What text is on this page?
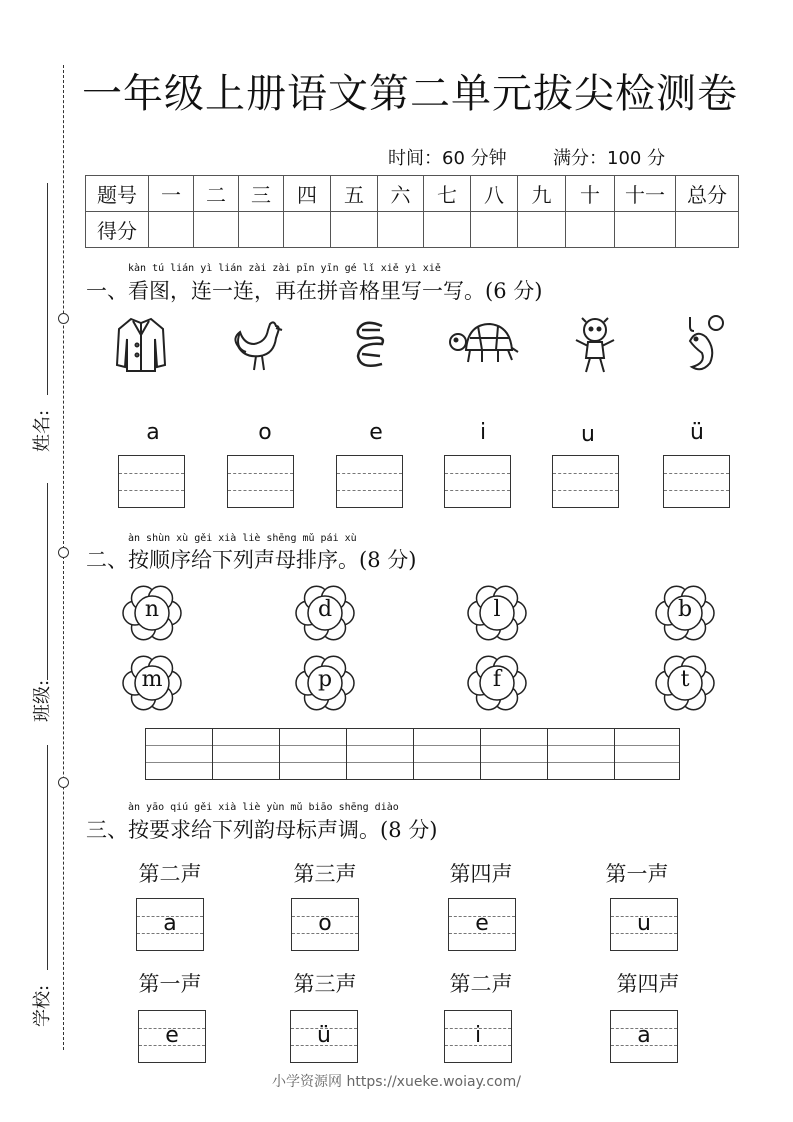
姓名:
班级:
学校:
一年级上册语文第二单元拔尖检测卷
时间：60 分钟	满分：100 分
题号	一	二	三	四	五	六	七	八	九	十	十一	总分
得分												
kàn tú lián yì lián zài zài pīn yīn gé lǐ xiě yì xiě
一、看图，连一连，再在拼音格里写一写。(6 分)
a	o	e	i	u	ü
àn shùn xù gěi xià liè shēng mǔ pái xù
二、按顺序给下列声母排序。(8 分)
n	d	l	b
m	p	f	t
àn yāo qiú gěi xià liè yùn mǔ biāo shēng diào
三、按要求给下列韵母标声调。(8 分)
第二声
a
第三声
o
第四声
e
第一声
u
第一声
e
第三声
ü
第二声
i
第四声
a
小学资源网 https://xueke.woiay.com/
